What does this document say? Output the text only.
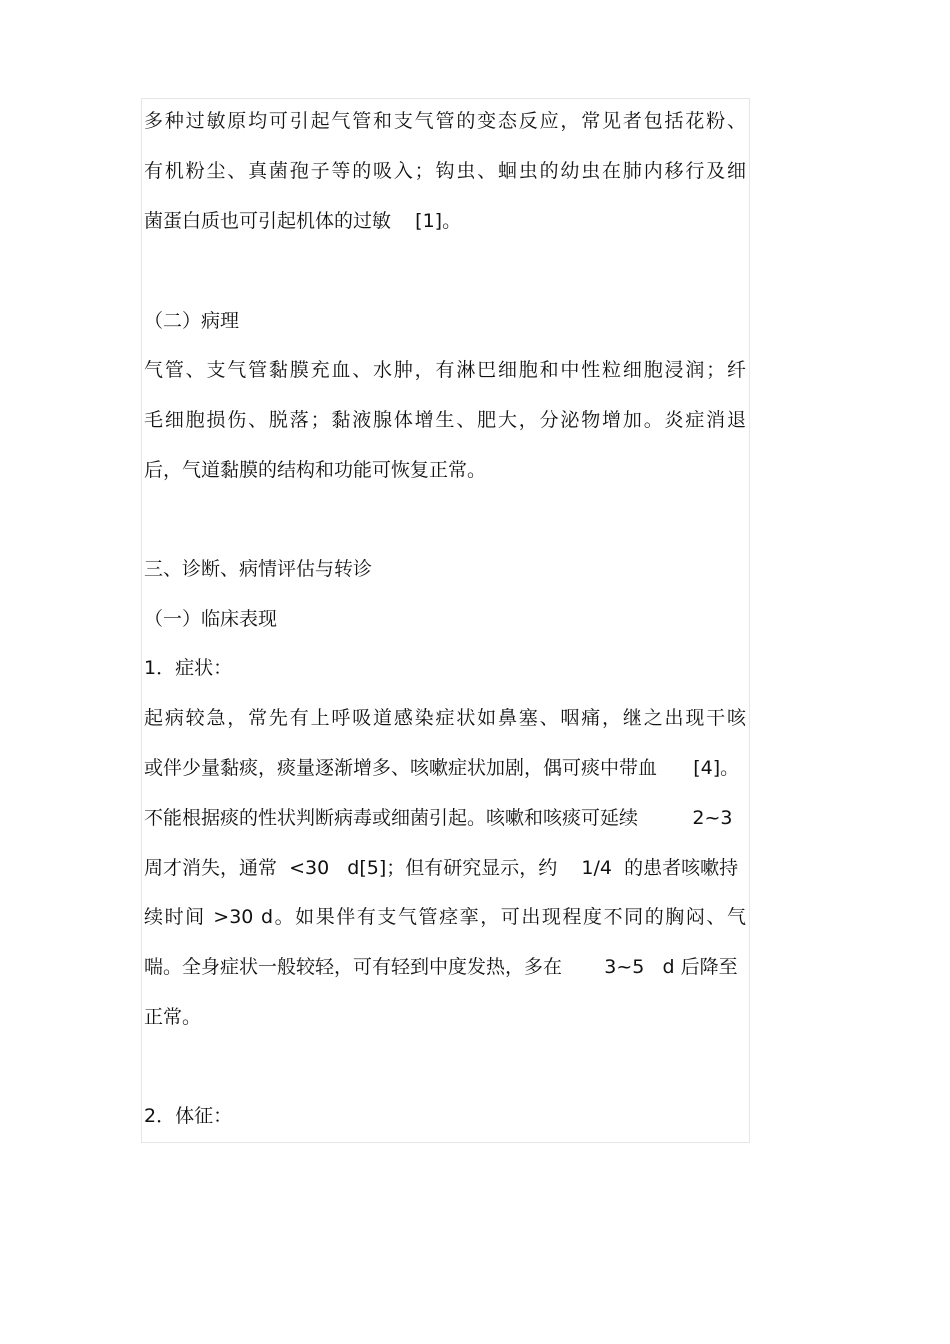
多种过敏原均可引起气管和支气管的变态反应，常见者包括花粉、
有机粉尘、真菌孢子等的吸入；钩虫、蛔虫的幼虫在肺内移行及细
菌蛋白质也可引起机体的过敏    [1]。
（二）病理
气管、支气管黏膜充血、水肿，有淋巴细胞和中性粒细胞浸润；纤
毛细胞损伤、脱落；黏液腺体增生、肥大，分泌物增加。炎症消退
后，气道黏膜的结构和功能可恢复正常。
三、诊断、病情评估与转诊
（一）临床表现
1．症状：
起病较急，常先有上呼吸道感染症状如鼻塞、咽痛，继之出现干咳
或伴少量黏痰，痰量逐渐增多、咳嗽症状加剧，偶可痰中带血      [4]。
不能根据痰的性状判断病毒或细菌引起。咳嗽和咳痰可延续         2~3
周才消失，通常  <30   d[5]；但有研究显示，约    1/4  的患者咳嗽持
续时间 >30 d。如果伴有支气管痉挛，可出现程度不同的胸闷、气
喘。全身症状一般较轻，可有轻到中度发热，多在       3~5   d 后降至
正常。
2．体征：
